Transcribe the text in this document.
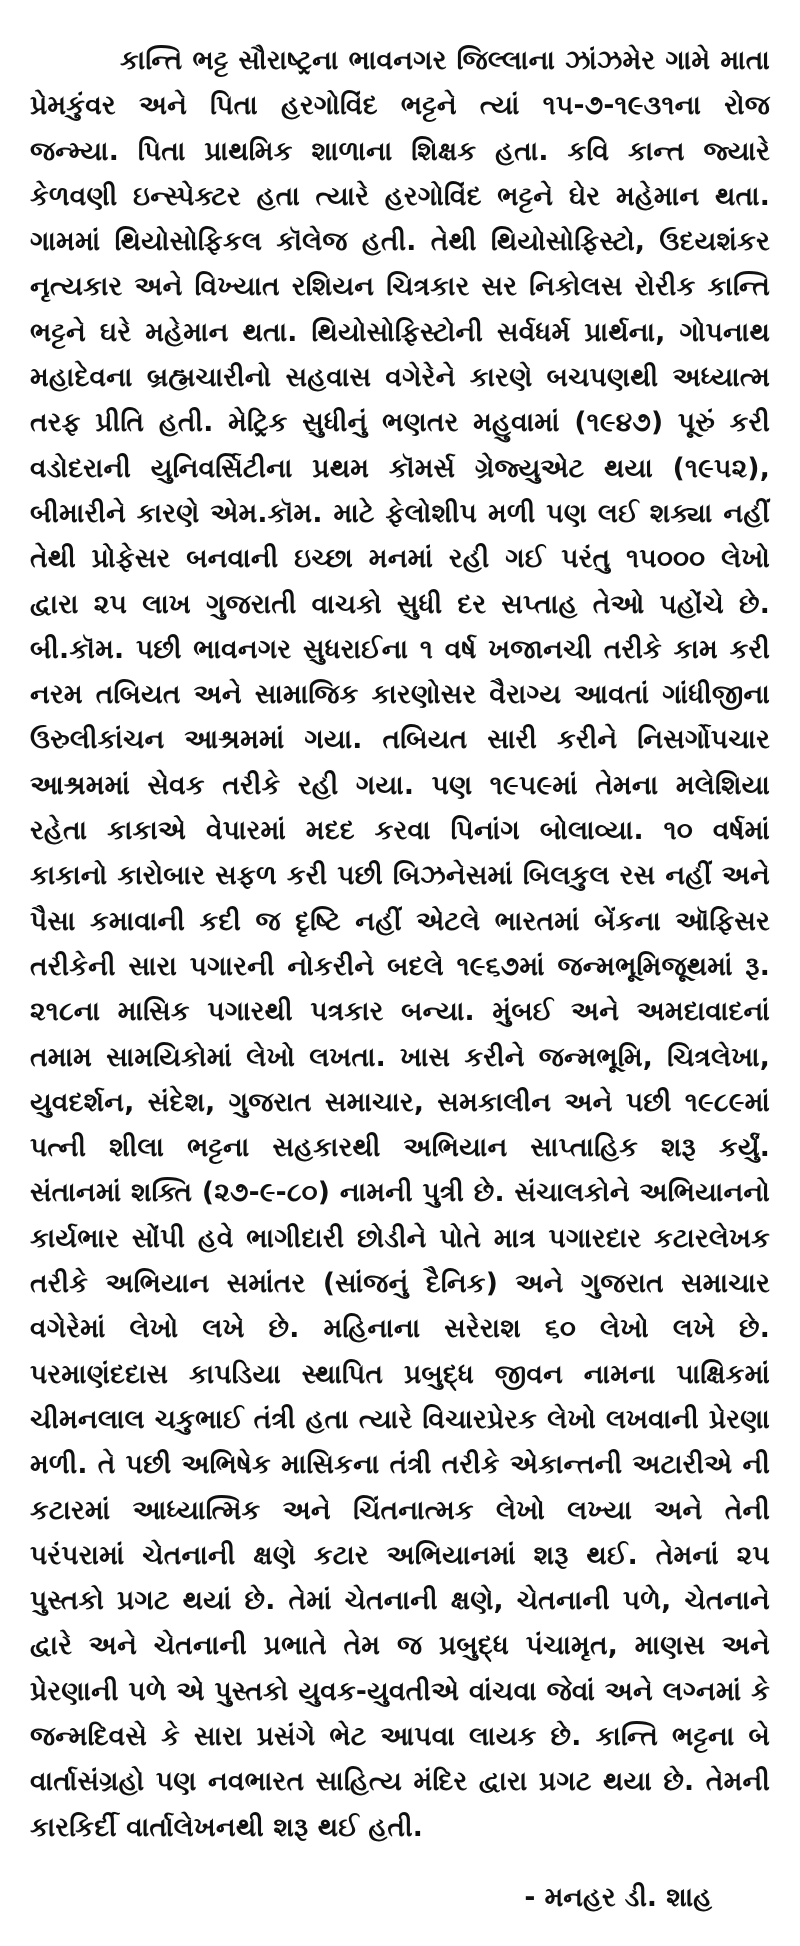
કાન્તિ ભટ્ટ સૌરાષ્ટ્રના ભાવનગર જિલ્લાના ઝાંઝમેર ગામે માતા પ્રેમકુંવર અને પિતા હરગોવિંદ ભટ્ટને ત્યાં ૧૫-૭-૧૯૩૧ના રોજ જન્મ્યા. પિતા પ્રાથમિક શાળાના શિક્ષક હતા. કવિ કાન્ત જ્યારે કેળવણી ઇન્સ્પેક્ટર હતા ત્યારે હરગોવિંદ ભટ્ટને ઘેર મહેમાન થતા. ગામમાં થિયોસોફિકલ કૉલેજ હતી. તેથી થિયોસોફિસ્ટો, ઉદયશંકર નૃત્યકાર અને વિખ્યાત રશિયન ચિત્રકાર સર નિકોલસ રોરીક કાન્તિ ભટ્ટને ઘરે મહેમાન થતા. થિયોસોફિસ્ટોની સર્વધર્મ પ્રાર્થના, ગોપનાથ મહાદેવના બ્રહ્મચારીનો સહવાસ વગેરેને કારણે બચપણથી અધ્યાત્મ તરફ પ્રીતિ હતી. મેટ્રિક સુધીનું ભણતર મહુવામાં (૧૯૪૭) પૂરું કરી વડોદરાની યુનિવર્સિટીના પ્રથમ કૉમર્સ ગ્રેજ્યુએટ થયા (૧૯૫૨), બીમારીને કારણે એમ.કૉમ. માટે ફેલોશીપ મળી પણ લઈ શક્યા નહીં તેથી પ્રોફેસર બનવાની ઇચ્છા મનમાં રહી ગઈ પરંતુ ૧૫૦૦૦ લેખો દ્વારા ૨૫ લાખ ગુજરાતી વાચકો સુધી દર સપ્તાહ તેઓ પહોંચે છે. બી.કૉમ. પછી ભાવનગર સુધરાઈના ૧ વર્ષ ખજાનચી તરીકે કામ કરી નરમ તબિયત અને સામાજિક કારણોસર વૈરાગ્ય આવતાં ગાંધીજીના ઉરુલીકાંચન આશ્રમમાં ગયા. તબિયત સારી કરીને નિસર્ગોપચાર આશ્રમમાં સેવક તરીકે રહી ગયા. પણ ૧૯૫૯માં તેમના મલેશિયા રહેતા કાકાએ વેપારમાં મદદ કરવા પિનાંગ બોલાવ્યા. ૧૦ વર્ષમાં કાકાનો કારોબાર સફળ કરી પછી બિઝનેસમાં બિલકુલ રસ નહીં અને પૈસા કમાવાની કદી જ દૃષ્ટિ નહીં એટલે ભારતમાં બેંકના ઑફિસર તરીકેની સારા પગારની નોકરીને બદલે ૧૯૬૭માં જન્મભૂમિજૂથમાં રૂ. ૨૧૮ના માસિક પગારથી પત્રકાર બન્યા. મુંબઈ અને અમદાવાદનાં તમામ સામયિકોમાં લેખો લખતા. ખાસ કરીને જન્મભૂમિ, ચિત્રલેખા, યુવદર્શન, સંદેશ, ગુજરાત સમાચાર, સમકાલીન અને પછી ૧૯૮૯માં પત્ની શીલા ભટ્ટના સહકારથી અભિયાન સાપ્તાહિક શરૂ કર્યું. સંતાનમાં શક્તિ (૨૭-૯-૮૦) નામની પુત્રી છે. સંચાલકોને અભિયાનનો કાર્યભાર સોંપી હવે ભાગીદારી છોડીને પોતે માત્ર પગારદાર કટારલેખક તરીકે અભિયાન સમાંતર (સાંજનું દૈનિક) અને ગુજરાત સમાચાર વગેરેમાં લેખો લખે છે. મહિનાના સરેરાશ ૬૦ લેખો લખે છે. પરમાણંદદાસ કાપડિયા સ્થાપિત પ્રબુદ્ધ જીવન નામના પાક્ષિકમાં ચીમનલાલ ચકુભાઈ તંત્રી હતા ત્યારે વિચારપ્રેરક લેખો લખવાની પ્રેરણા મળી. તે પછી અભિષેક માસિકના તંત્રી તરીકે એકાન્તની અટારીએ ની કટારમાં આધ્યાત્મિક અને ચિંતનાત્મક લેખો લખ્યા અને તેની પરંપરામાં ચેતનાની ક્ષણે કટાર અભિયાનમાં શરૂ થઈ. તેમનાં ૨૫ પુસ્તકો પ્રગટ થયાં છે. તેમાં ચેતનાની ક્ષણે, ચેતનાની પળે, ચેતનાને દ્વારે અને ચેતનાની પ્રભાતે તેમ જ પ્રબુદ્ધ પંચામૃત, માણસ અને પ્રેરણાની પળે એ પુસ્તકો યુવક-યુવતીએ વાંચવા જેવાં અને લગ્નમાં કે જન્મદિવસે કે સારા પ્રસંગે ભેટ આપવા લાયક છે. કાન્તિ ભટ્ટના બે વાર્તાસંગ્રહો પણ નવભારત સાહિત્ય મંદિર દ્વારા પ્રગટ થયા છે. તેમની કારકિર્દી વાર્તાલેખનથી શરૂ થઈ હતી.

- મનહર ડી. શાહ
